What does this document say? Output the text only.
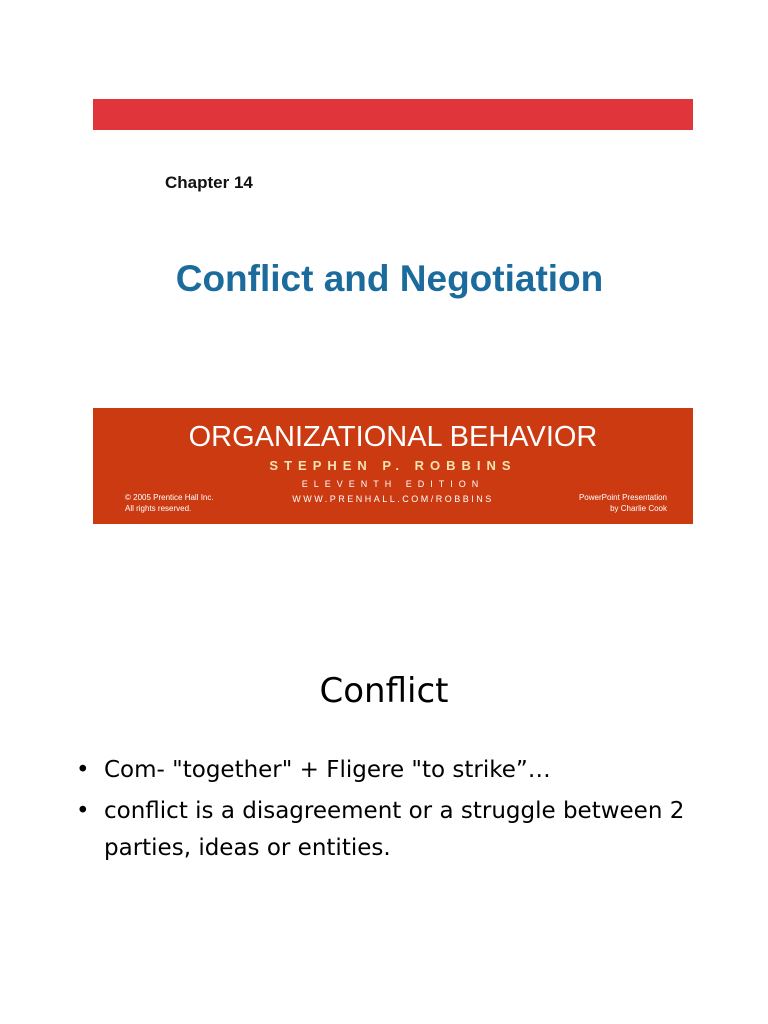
Chapter 14
Conflict and Negotiation
ORGANIZATIONAL BEHAVIOR
STEPHEN P. ROBBINS
ELEVENTH EDITION
WWW.PRENHALL.COM/ROBBINS
© 2005 Prentice Hall Inc.
All rights reserved.
PowerPoint Presentation
by Charlie Cook
Conflict
• Com- "together" + Fligere "to strike”…
• conflict is a disagreement or a struggle between 2 parties, ideas or entities.
